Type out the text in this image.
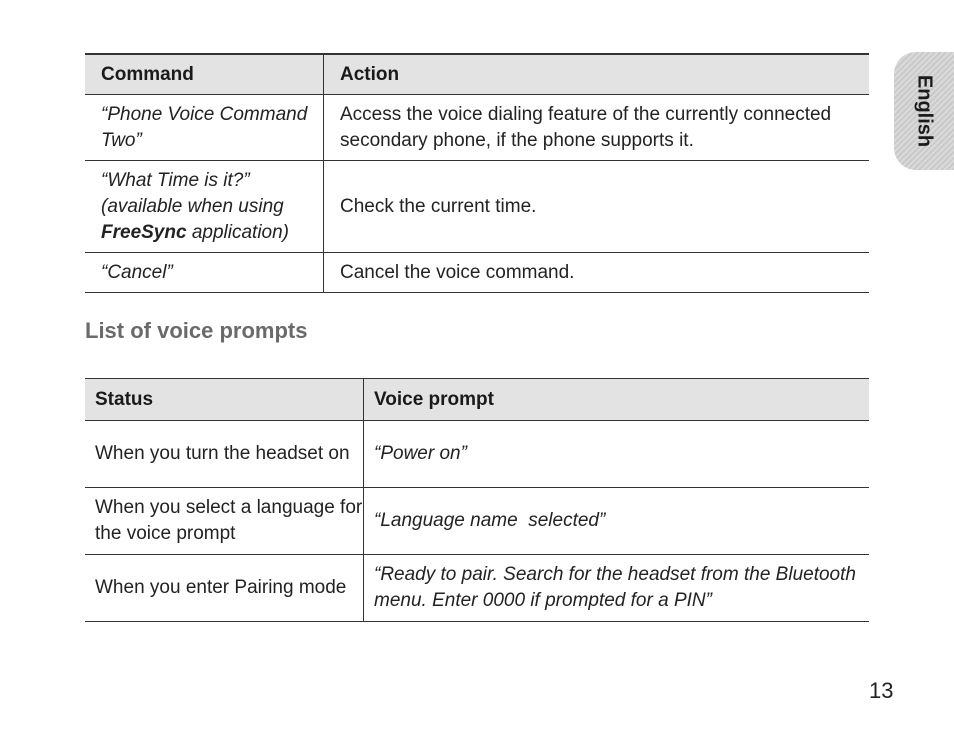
Command	Action
“Phone Voice Command Two”	Access the voice dialing feature of the currently connected secondary phone, if the phone supports it.
“What Time is it?” (available when using FreeSync application)	Check the current time.
“Cancel”	Cancel the voice command.
List of voice prompts
Status	Voice prompt
When you turn the headset on	“Power on”
When you select a language for the voice prompt	“Language name  selected”
When you enter Pairing mode	“Ready to pair. Search for the headset from the Bluetooth menu. Enter 0000 if prompted for a PIN”
English
13
